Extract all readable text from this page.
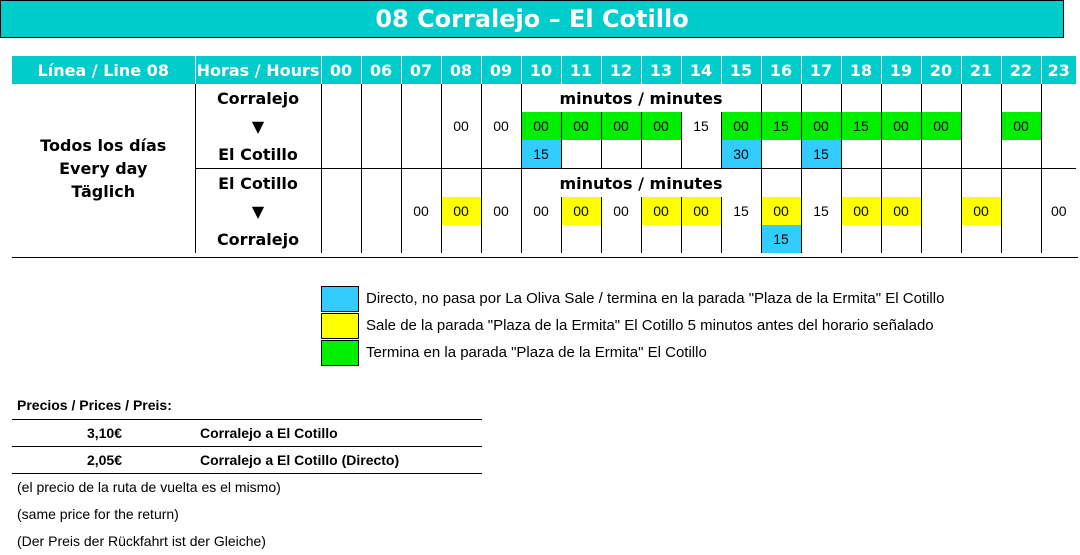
08 Corralejo – El Cotillo
Línea / Line 08	Horas / Hours	00	06	07	08	09	10	11	12	13	14	15	16	17	18	19	20	21	22	23

Todos los días
Every day
Täglich	Corralejo						minutos / minutes													
	▼				00	00	00	00	00	00	15	00	15	00	15	00	00		00	
	El Cotillo						15					30		15						
	El Cotillo						minutos / minutes													
	▼			00	00	00	00	00	00	00	00	15	00	15	00	00		00		00
	Corralejo												15							
Directo, no pasa por La Oliva Sale / termina en la parada "Plaza de la Ermita" El Cotillo
Sale de la parada "Plaza de la Ermita" El Cotillo 5 minutos antes del horario señalado
Termina en la parada "Plaza de la Ermita" El Cotillo
Precios / Prices / Preis:
3,10€	Corralejo a El Cotillo
2,05€	Corralejo a El Cotillo (Directo)
(el precio de la ruta de vuelta es el mismo)
(same price for the return)
(Der Preis der Rückfahrt ist der Gleiche)
